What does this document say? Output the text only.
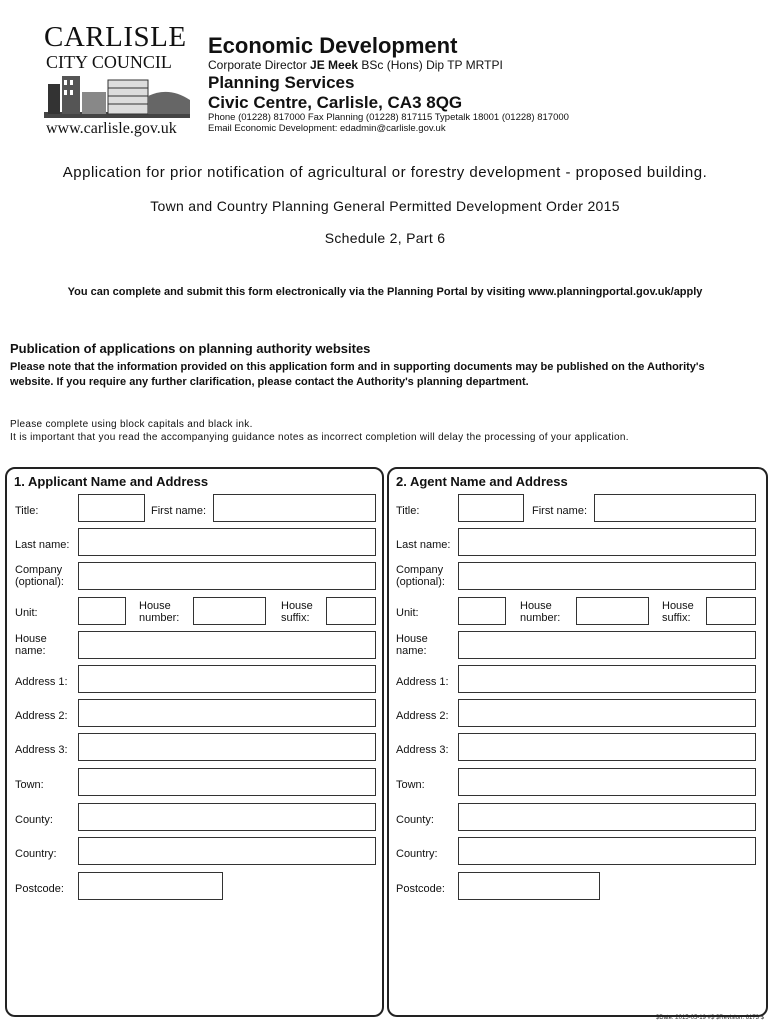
CARLISLE
CITY COUNCIL
www.carlisle.gov.uk
Economic Development
Corporate Director JE Meek BSc (Hons) Dip TP MRTPI
Planning Services
Civic Centre, Carlisle, CA3 8QG
Phone (01228) 817000 Fax Planning (01228) 817115 Typetalk 18001 (01228) 817000
Email Economic Development: edadmin@carlisle.gov.uk
Application for prior notification of agricultural or forestry development - proposed building.
Town and Country Planning General Permitted Development Order 2015
Schedule 2, Part 6
You can complete and submit this form electronically via the Planning Portal by visiting www.planningportal.gov.uk/apply
Publication of applications on planning authority websites
Please note that the information provided on this application form and in supporting documents may be published on the Authority's website. If you require any further clarification, please contact the Authority's planning department.
Please complete using block capitals and black ink.
It is important that you read the accompanying guidance notes as incorrect completion will delay the processing of your application.
1. Applicant Name and Address
Title:	First name:
Last name:
Company
(optional):
Unit:
House
number:
House
suffix:
House
name:
Address 1:
Address 2:
Address 3:
Town:
County:
Country:
Postcode:
2. Agent Name and Address
Title:	First name:
Last name:
Company
(optional):
Unit:
House
number:
House
suffix:
House
name:
Address 1:
Address 2:
Address 3:
Town:
County:
Country:
Postcode:
$Date: 2015-05-19 #$ $Revision: 6173 $
